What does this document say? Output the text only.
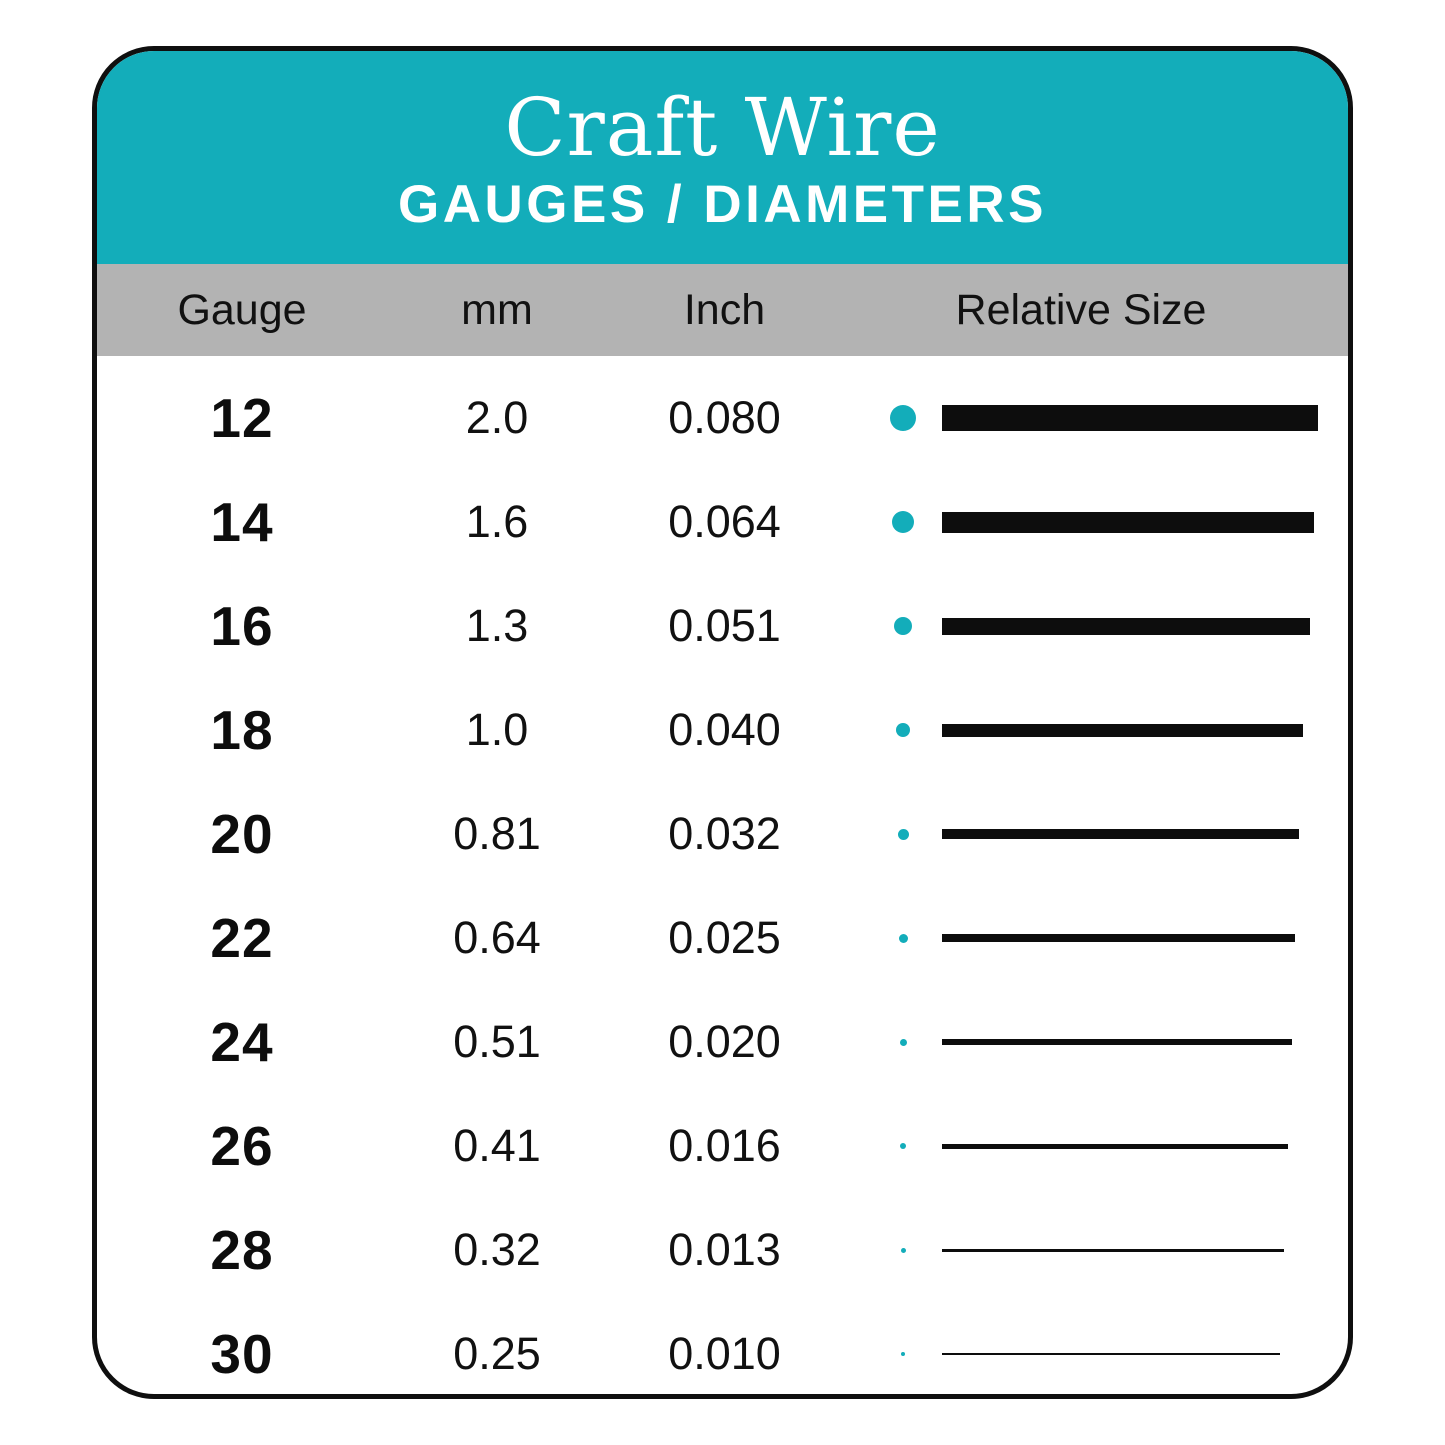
Craft Wire
GAUGES / DIAMETERS
Gauge	mm	Inch	Relative Size
12	2.0	0.080
14	1.6	0.064
16	1.3	0.051
18	1.0	0.040
20	0.81	0.032
22	0.64	0.025
24	0.51	0.020
26	0.41	0.016
28	0.32	0.013
30	0.25	0.010
